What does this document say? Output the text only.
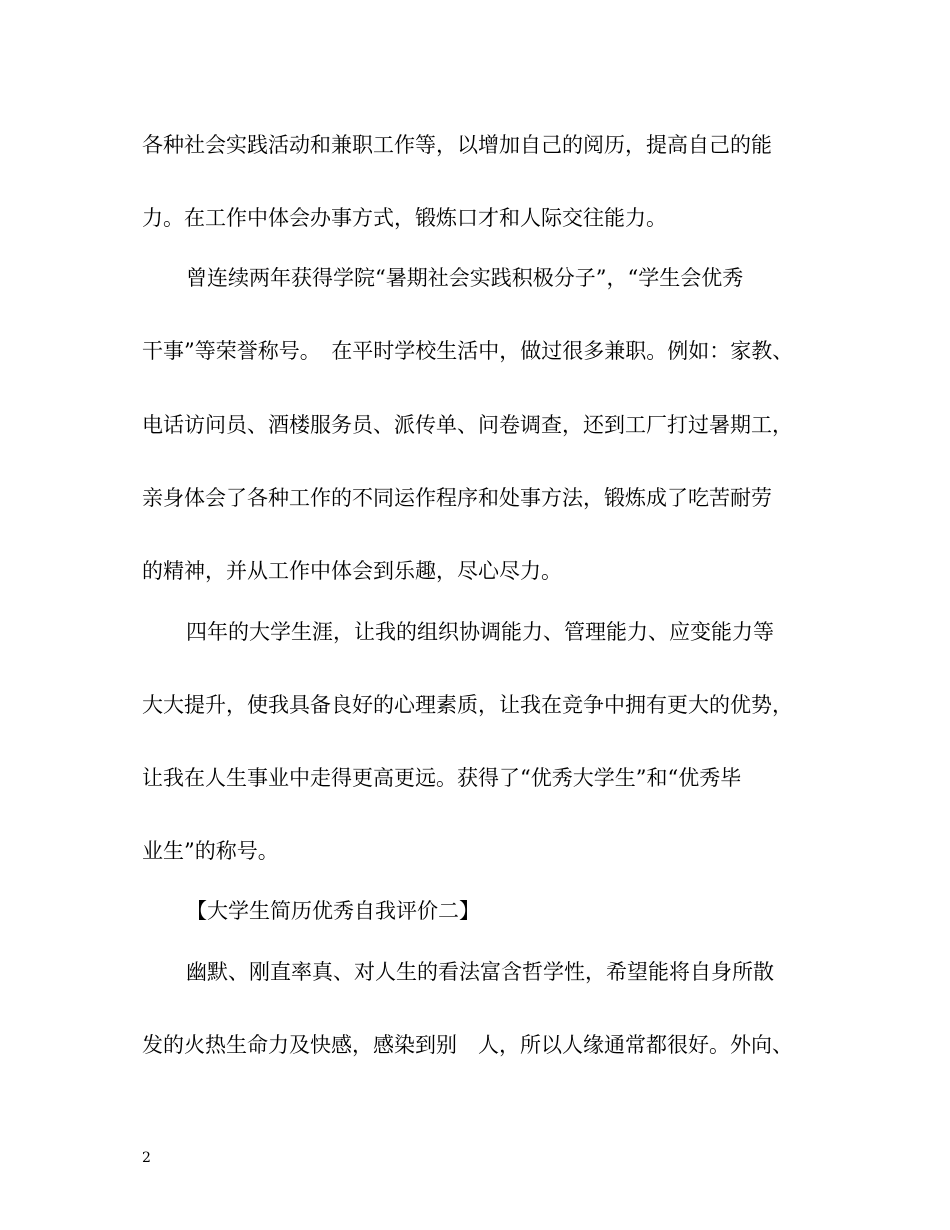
各种社会实践活动和兼职工作等，以增加自己的阅历，提高自己的能

力。在工作中体会办事方式，锻炼口才和人际交往能力。

曾连续两年获得学院“暑期社会实践积极分子”，“学生会优秀

干事”等荣誉称号。　在平时学校生活中，做过很多兼职。例如：家教、

电话访问员、酒楼服务员、派传单、问卷调查，还到工厂打过暑期工，

亲身体会了各种工作的不同运作程序和处事方法，锻炼成了吃苦耐劳

的精神，并从工作中体会到乐趣，尽心尽力。

四年的大学生涯，让我的组织协调能力、管理能力、应变能力等

大大提升，使我具备良好的心理素质，让我在竞争中拥有更大的优势，

让我在人生事业中走得更高更远。获得了“优秀大学生”和“优秀毕

业生”的称号。

【大学生简历优秀自我评价二】

幽默、刚直率真、对人生的看法富含哲学性，希望能将自身所散

发的火热生命力及快感，感染到别　人，所以人缘通常都很好。外向、

2
